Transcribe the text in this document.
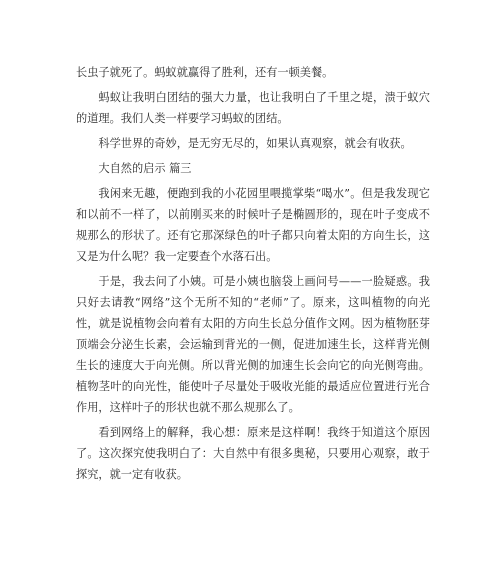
长虫子就死了。蚂蚁就赢得了胜利，还有一顿美餐。

蚂蚁让我明白团结的强大力量，也让我明白了千里之堤，溃于蚁穴的道理。我们人类一样要学习蚂蚁的团结。

科学世界的奇妙，是无穷无尽的，如果认真观察，就会有收获。

大自然的启示 篇三

我闲来无趣，便跑到我的小花园里喂揽掌柴“喝水”。但是我发现它和以前不一样了，以前刚买来的时候叶子是椭圆形的，现在叶子变成不规那么的形状了。还有它那深绿色的叶子都只向着太阳的方向生长，这又是为什么呢？我一定要查个水落石出。

于是，我去问了小姨。可是小姨也脑袋上画问号——一脸疑惑。我只好去请教“网络”这个无所不知的“老师”了。原来，这叫植物的向光性，就是说植物会向着有太阳的方向生长总分值作文网。因为植物胚芽顶端会分泌生长素，会运输到背光的一侧，促进加速生长，这样背光侧生长的速度大于向光侧。所以背光侧的加速生长会向它的向光侧弯曲。植物茎叶的向光性，能使叶子尽量处于吸收光能的最适应位置进行光合作用，这样叶子的形状也就不那么规那么了。

看到网络上的解释，我心想：原来是这样啊！我终于知道这个原因了。这次探究使我明白了：大自然中有很多奥秘，只要用心观察，敢于探究，就一定有收获。
